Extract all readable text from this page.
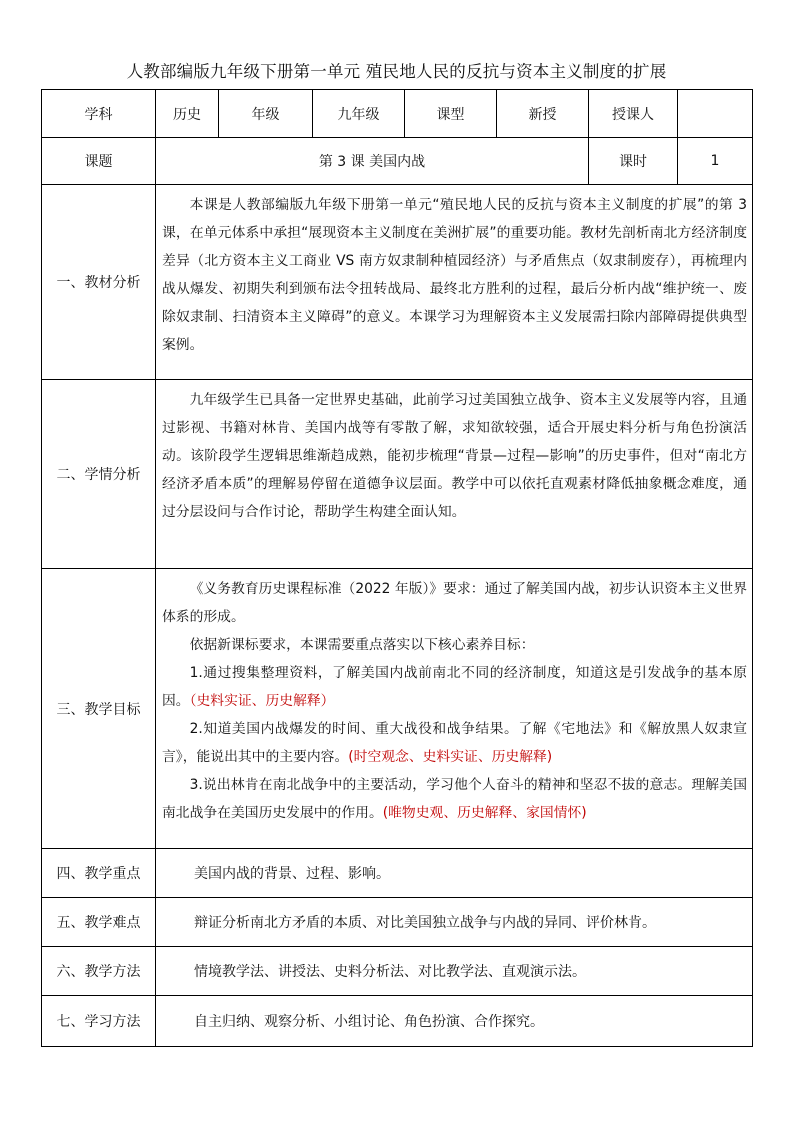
人教部编版九年级下册第一单元 殖民地人民的反抗与资本主义制度的扩展
学科	历史	年级	九年级	课型	新授	授课人	
课题	第 3 课 美国内战					课时	1
一、教材分析	本课是人教部编版九年级下册第一单元“殖民地人民的反抗与资本主义制度的扩展”的第 3 课，在单元体系中承担“展现资本主义制度在美洲扩展”的重要功能。教材先剖析南北方经济制度差异（北方资本主义工商业 VS 南方奴隶制种植园经济）与矛盾焦点（奴隶制废存），再梳理内战从爆发、初期失利到颁布法令扭转战局、最终北方胜利的过程，最后分析内战“维护统一、废除奴隶制、扫清资本主义障碍”的意义。本课学习为理解资本主义发展需扫除内部障碍提供典型案例。						

二、学情分析	九年级学生已具备一定世界史基础，此前学习过美国独立战争、资本主义发展等内容，且通过影视、书籍对林肯、美国内战等有零散了解，求知欲较强，适合开展史料分析与角色扮演活动。该阶段学生逻辑思维渐趋成熟，能初步梳理“背景—过程—影响”的历史事件，但对“南北方经济矛盾本质”的理解易停留在道德争议层面。教学中可以依托直观素材降低抽象概念难度，通过分层设问与合作讨论，帮助学生构建全面认知。						

三、教学目标	《义务教育历史课程标准（2022 年版）》要求：通过了解美国内战，初步认识资本主义世界体系的形成。

依据新课标要求，本课需要重点落实以下核心素养目标：

1.通过搜集整理资料，了解美国内战前南北不同的经济制度，知道这是引发战争的基本原因。（史料实证、历史解释）

2.知道美国内战爆发的时间、重大战役和战争结果。了解《宅地法》和《解放黑人奴隶宣言》，能说出其中的主要内容。(时空观念、史料实证、历史解释)

3.说出林肯在南北战争中的主要活动，学习他个人奋斗的精神和坚忍不拔的意志。理解美国南北战争在美国历史发展中的作用。(唯物史观、历史解释、家国情怀)						

四、教学重点	美国内战的背景、过程、影响。						
五、教学难点	辩证分析南北方矛盾的本质、对比美国独立战争与内战的异同、评价林肯。						
六、教学方法	情境教学法、讲授法、史料分析法、对比教学法、直观演示法。						
七、学习方法	自主归纳、观察分析、小组讨论、角色扮演、合作探究。						
